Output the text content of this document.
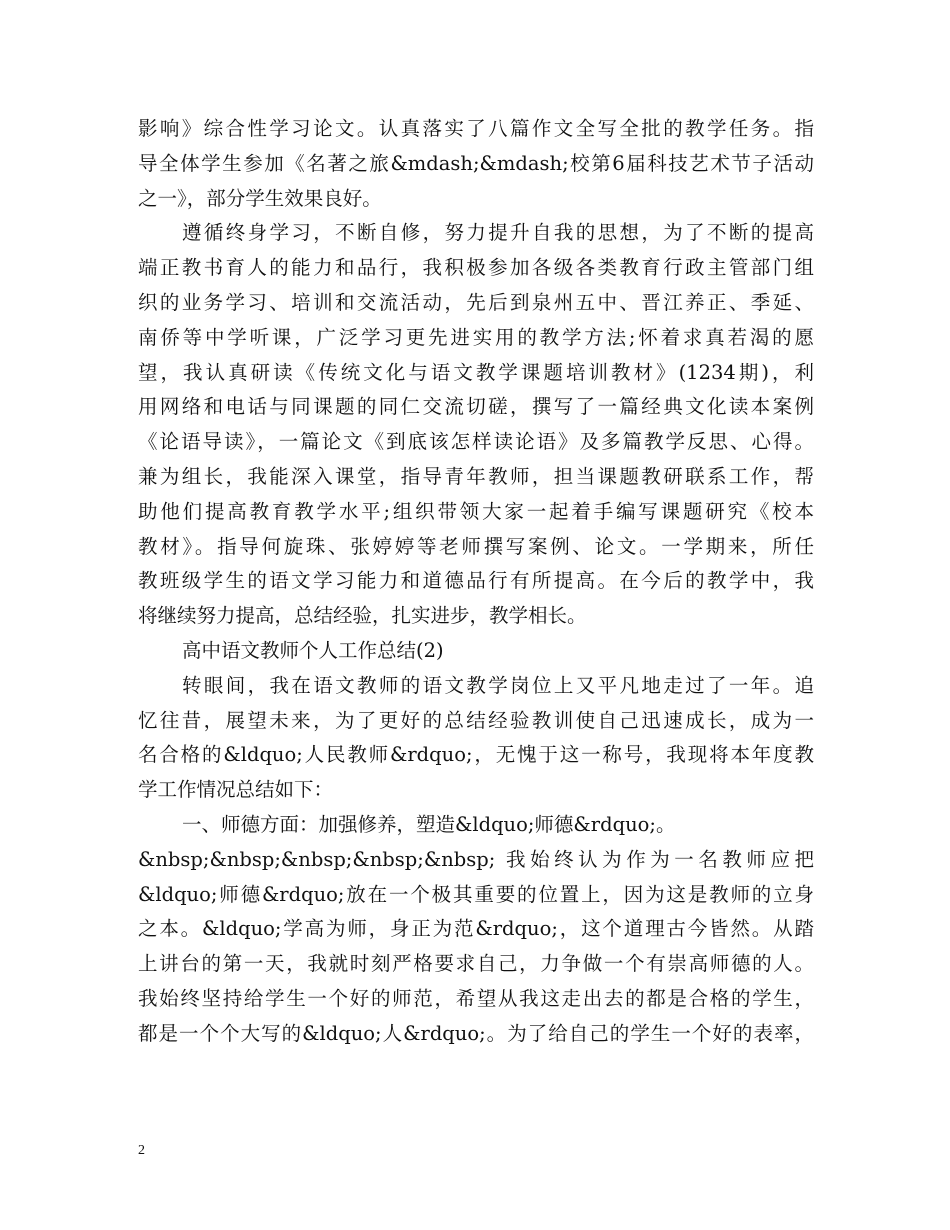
影响》综合性学习论文。认真落实了八篇作文全写全批的教学任务。指
导全体学生参加《名著之旅&mdash;&mdash;校第6届科技艺术节子活动
之一》，部分学生效果良好。
遵循终身学习，不断自修，努力提升自我的思想，为了不断的提高
端正教书育人的能力和品行，我积极参加各级各类教育行政主管部门组
织的业务学习、培训和交流活动，先后到泉州五中、晋江养正、季延、
南侨等中学听课，广泛学习更先进实用的教学方法;怀着求真若渴的愿
望，我认真研读《传统文化与语文教学课题培训教材》(1234期)，利
用网络和电话与同课题的同仁交流切磋，撰写了一篇经典文化读本案例
《论语导读》，一篇论文《到底该怎样读论语》及多篇教学反思、心得。
兼为组长，我能深入课堂，指导青年教师，担当课题教研联系工作，帮
助他们提高教育教学水平;组织带领大家一起着手编写课题研究《校本
教材》。指导何旋珠、张婷婷等老师撰写案例、论文。一学期来，所任
教班级学生的语文学习能力和道德品行有所提高。在今后的教学中，我
将继续努力提高，总结经验，扎实进步，教学相长。
高中语文教师个人工作总结(2)
转眼间，我在语文教师的语文教学岗位上又平凡地走过了一年。追
忆往昔，展望未来，为了更好的总结经验教训使自己迅速成长，成为一
名合格的&ldquo;人民教师&rdquo;，无愧于这一称号，我现将本年度教
学工作情况总结如下：
一、师德方面：加强修养，塑造&ldquo;师德&rdquo;。
&nbsp;&nbsp;&nbsp;&nbsp;&nbsp; 我始终认为作为一名教师应把
&ldquo;师德&rdquo;放在一个极其重要的位置上，因为这是教师的立身
之本。&ldquo;学高为师，身正为范&rdquo;，这个道理古今皆然。从踏
上讲台的第一天，我就时刻严格要求自己，力争做一个有崇高师德的人。
我始终坚持给学生一个好的师范，希望从我这走出去的都是合格的学生，
都是一个个大写的&ldquo;人&rdquo;。为了给自己的学生一个好的表率，
2
